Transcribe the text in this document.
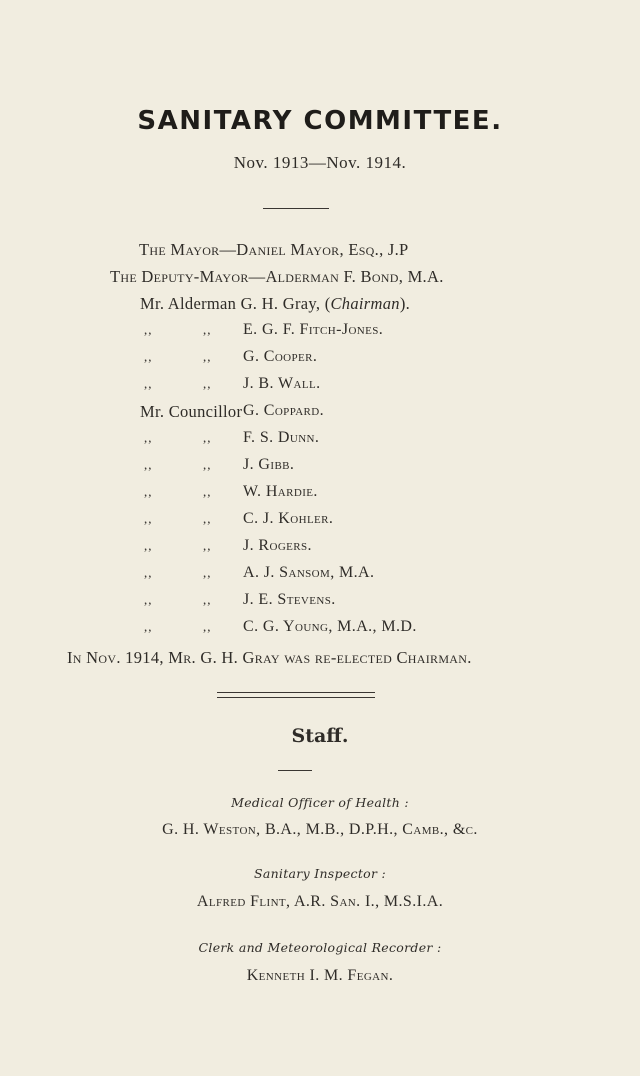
SANITARY COMMITTEE.
Nov. 1913—Nov. 1914.
The Mayor—Daniel Mayor, Esq., J.P
The Deputy-Mayor—Alderman F. Bond, M.A.
Mr. Alderman G. H. Gray, (Chairman).
,,	,, E. G. F. Fitch-Jones.
,,	,, G. Cooper.
,,	,, J. B. Wall.
Mr. Councillor G. Coppard.
,,	,, F. S. Dunn.
,,	,, J. Gibb.
,,	,, W. Hardie.
,,	,, C. J. Kohler.
,,	,, J. Rogers.
,,	,, A. J. Sansom, M.A.
,,	,, J. E. Stevens.
,,	,, C. G. Young, M.A., M.D.
In Nov. 1914, Mr. G. H. Gray was re-elected Chairman.
Staff.
Medical Officer of Health :
G. H. Weston, B.A., M.B., D.P.H., Camb., &c.
Sanitary Inspector :
Alfred Flint, A.R. San. I., M.S.I.A.
Clerk and Meteorological Recorder :
Kenneth I. M. Fegan.
